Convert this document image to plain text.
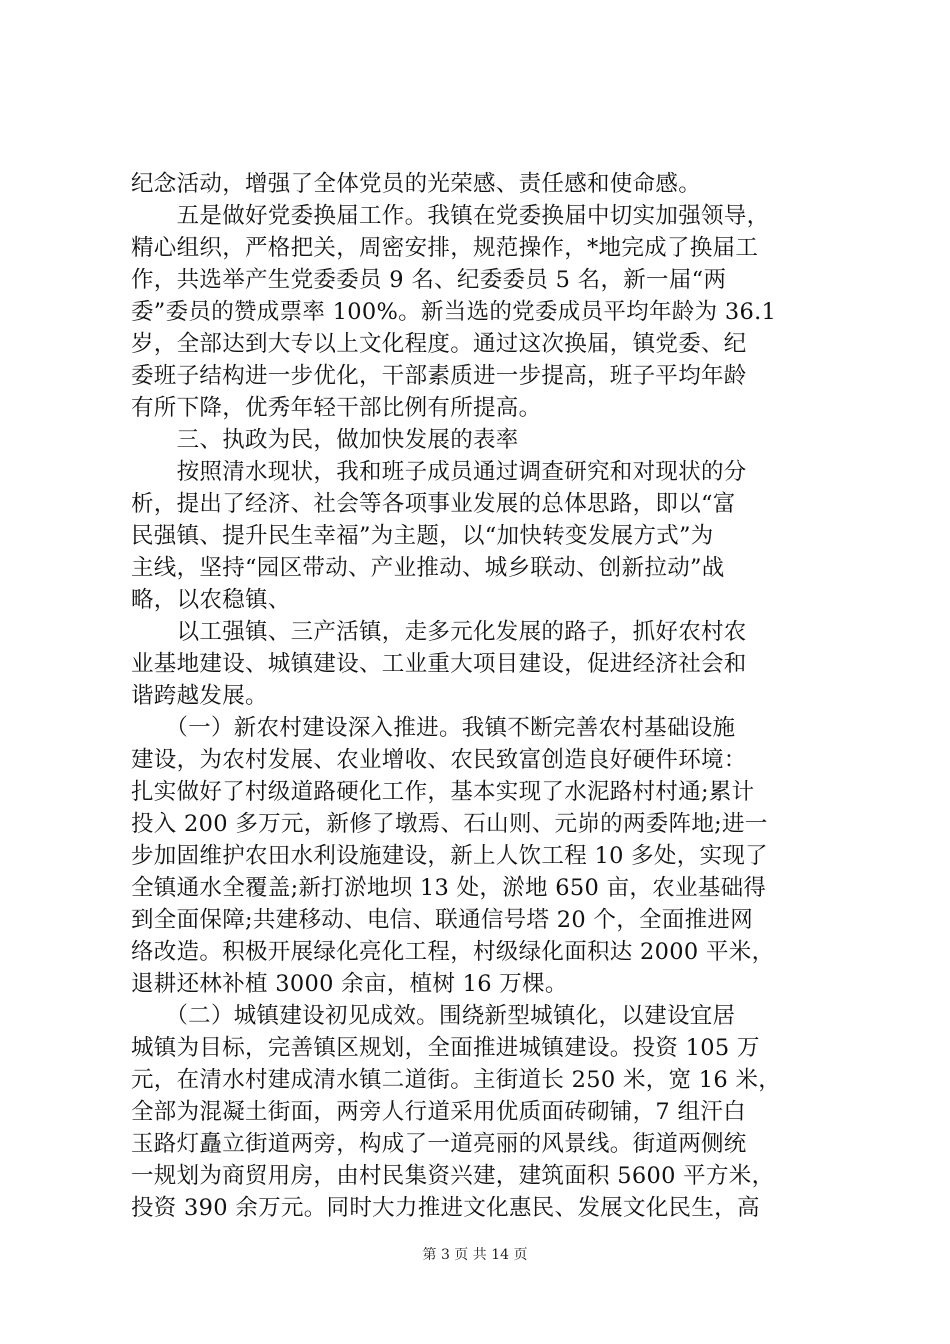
纪念活动，增强了全体党员的光荣感、责任感和使命感。
　　五是做好党委换届工作。我镇在党委换届中切实加强领导，
精心组织，严格把关，周密安排，规范操作，*地完成了换届工
作，共选举产生党委委员 9 名、纪委委员 5 名，新一届“两
委”委员的赞成票率 100%。新当选的党委成员平均年龄为 36.1
岁，全部达到大专以上文化程度。通过这次换届，镇党委、纪
委班子结构进一步优化，干部素质进一步提高，班子平均年龄
有所下降，优秀年轻干部比例有所提高。
　　三、执政为民，做加快发展的表率
　　按照清水现状，我和班子成员通过调查研究和对现状的分
析，提出了经济、社会等各项事业发展的总体思路，即以“富
民强镇、提升民生幸福”为主题，以“加快转变发展方式”为
主线，坚持“园区带动、产业推动、城乡联动、创新拉动”战
略，以农稳镇、
　　以工强镇、三产活镇，走多元化发展的路子，抓好农村农
业基地建设、城镇建设、工业重大项目建设，促进经济社会和
谐跨越发展。
　　（一）新农村建设深入推进。我镇不断完善农村基础设施
建设，为农村发展、农业增收、农民致富创造良好硬件环境：
扎实做好了村级道路硬化工作，基本实现了水泥路村村通;累计
投入 200 多万元，新修了墩焉、石山则、元峁的两委阵地;进一
步加固维护农田水利设施建设，新上人饮工程 10 多处，实现了
全镇通水全覆盖;新打淤地坝 13 处，淤地 650 亩，农业基础得
到全面保障;共建移动、电信、联通信号塔 20 个，全面推进网
络改造。积极开展绿化亮化工程，村级绿化面积达 2000 平米，
退耕还林补植 3000 余亩，植树 16 万棵。
　　（二）城镇建设初见成效。围绕新型城镇化，以建设宜居
城镇为目标，完善镇区规划，全面推进城镇建设。投资 105 万
元，在清水村建成清水镇二道街。主街道长 250 米，宽 16 米，
全部为混凝土街面，两旁人行道采用优质面砖砌铺，7 组汗白
玉路灯矗立街道两旁，构成了一道亮丽的风景线。街道两侧统
一规划为商贸用房，由村民集资兴建，建筑面积 5600 平方米，
投资 390 余万元。同时大力推进文化惠民、发展文化民生，高
第 3 页 共 14 页
